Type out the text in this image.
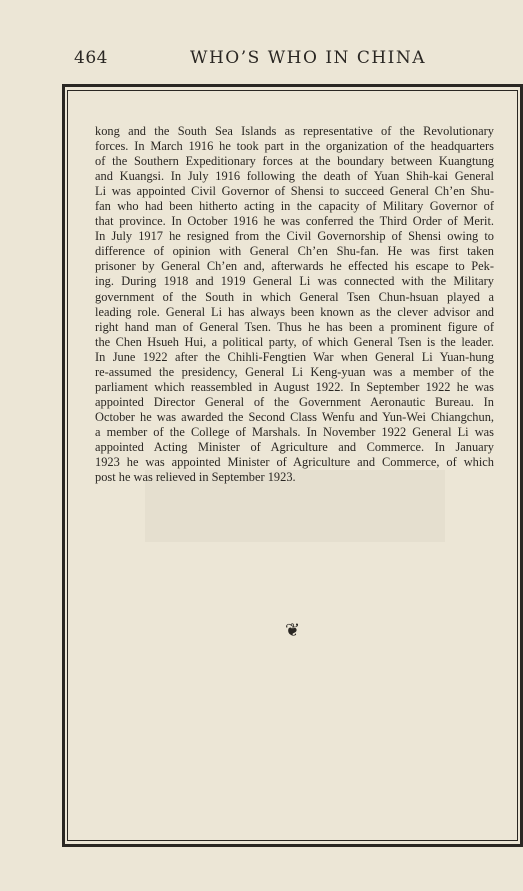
464	WHO’S WHO IN CHINA
kong and the South Sea Islands as representative of the Revolutionary
forces. In March 1916 he took part in the organization of the headquarters
of the Southern Expeditionary forces at the boundary between Kuangtung
and Kuangsi. In July 1916 following the death of Yuan Shih-kai General
Li was appointed Civil Governor of Shensi to succeed General Ch’en Shu-
fan who had been hitherto acting in the capacity of Military Governor of
that province. In October 1916 he was conferred the Third Order of Merit.
In July 1917 he resigned from the Civil Governorship of Shensi owing to
difference of opinion with General Ch’en Shu-fan. He was first taken
prisoner by General Ch’en and, afterwards he effected his escape to Pek-
ing. During 1918 and 1919 General Li was connected with the Military
government of the South in which General Tsen Chun-hsuan played a
leading role. General Li has always been known as the clever advisor and
right hand man of General Tsen. Thus he has been a prominent figure of
the Chen Hsueh Hui, a political party, of which General Tsen is the leader.
In June 1922 after the Chihli-Fengtien War when General Li Yuan-hung
re-assumed the presidency, General Li Keng-yuan was a member of the
parliament which reassembled in August 1922. In September 1922 he was
appointed Director General of the Government Aeronautic Bureau. In
October he was awarded the Second Class Wenfu and Yun-Wei Chiangchun,
a member of the College of Marshals. In November 1922 General Li was
appointed Acting Minister of Agriculture and Commerce. In January
1923 he was appointed Minister of Agriculture and Commerce, of which
post he was relieved in September 1923.
❦
